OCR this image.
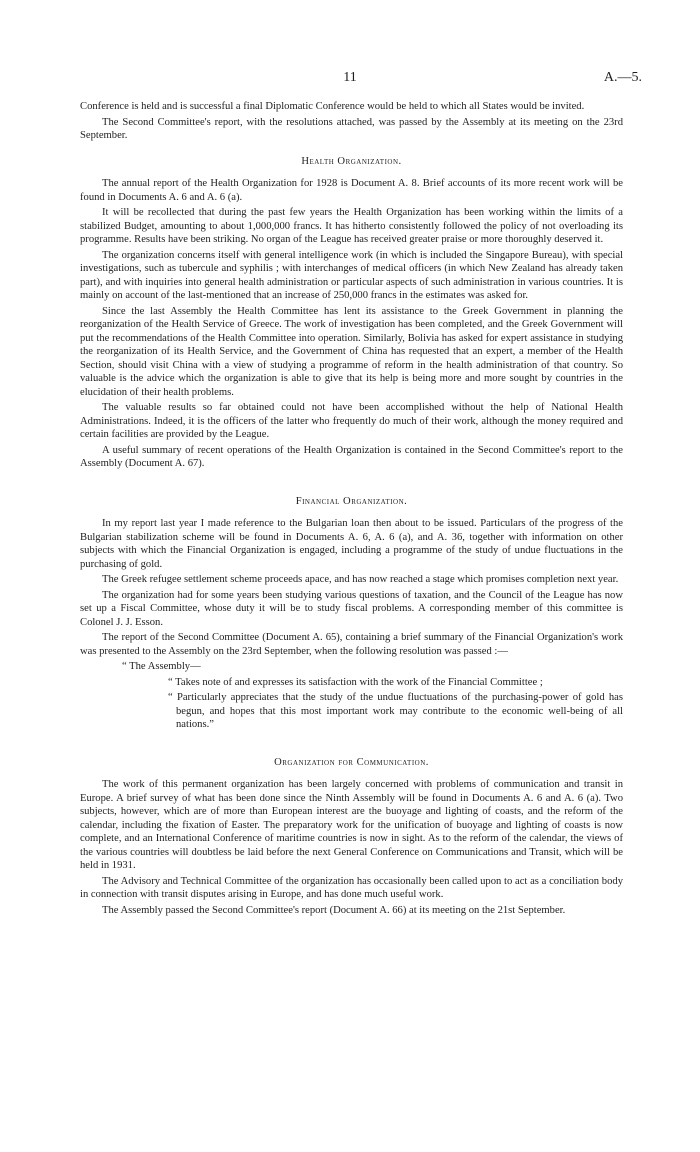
11	A.—5.

Conference is held and is successful a final Diplomatic Conference would be held to which all States would be invited.

The Second Committee's report, with the resolutions attached, was passed by the Assembly at its meeting on the 23rd September.

Health Organization.

The annual report of the Health Organization for 1928 is Document A. 8. Brief accounts of its more recent work will be found in Documents A. 6 and A. 6 (a).

It will be recollected that during the past few years the Health Organization has been working within the limits of a stabilized Budget, amounting to about 1,000,000 francs. It has hitherto consistently followed the policy of not overloading its programme. Results have been striking. No organ of the League has received greater praise or more thoroughly deserved it.

The organization concerns itself with general intelligence work (in which is included the Singapore Bureau), with special investigations, such as tubercule and syphilis ; with interchanges of medical officers (in which New Zealand has already taken part), and with inquiries into general health administration or particular aspects of such administration in various countries. It is mainly on account of the last-mentioned that an increase of 250,000 francs in the estimates was asked for.

Since the last Assembly the Health Committee has lent its assistance to the Greek Government in planning the reorganization of the Health Service of Greece. The work of investigation has been completed, and the Greek Government will put the recommendations of the Health Committee into operation. Similarly, Bolivia has asked for expert assistance in studying the reorganization of its Health Service, and the Government of China has requested that an expert, a member of the Health Section, should visit China with a view of studying a programme of reform in the health administration of that country. So valuable is the advice which the organization is able to give that its help is being more and more sought by countries in the elucidation of their health problems.

The valuable results so far obtained could not have been accomplished without the help of National Health Administrations. Indeed, it is the officers of the latter who frequently do much of their work, although the money required and certain facilities are provided by the League.

A useful summary of recent operations of the Health Organization is contained in the Second Committee's report to the Assembly (Document A. 67).

Financial Organization.

In my report last year I made reference to the Bulgarian loan then about to be issued. Particulars of the progress of the Bulgarian stabilization scheme will be found in Documents A. 6, A. 6 (a), and A. 36, together with information on other subjects with which the Financial Organization is engaged, including a programme of the study of undue fluctuations in the purchasing of gold.

The Greek refugee settlement scheme proceeds apace, and has now reached a stage which promises completion next year.

The organization had for some years been studying various questions of taxation, and the Council of the League has now set up a Fiscal Committee, whose duty it will be to study fiscal problems. A corresponding member of this committee is Colonel J. J. Esson.

The report of the Second Committee (Document A. 65), containing a brief summary of the Financial Organization's work was presented to the Assembly on the 23rd September, when the following resolution was passed :—

“ The Assembly—

“ Takes note of and expresses its satisfaction with the work of the Financial Committee ;

“ Particularly appreciates that the study of the undue fluctuations of the purchasing-power of gold has begun, and hopes that this most important work may contribute to the economic well-being of all nations.”

Organization for Communication.

The work of this permanent organization has been largely concerned with problems of communication and transit in Europe. A brief survey of what has been done since the Ninth Assembly will be found in Documents A. 6 and A. 6 (a). Two subjects, however, which are of more than European interest are the buoyage and lighting of coasts, and the reform of the calendar, including the fixation of Easter. The preparatory work for the unification of buoyage and lighting of coasts is now complete, and an International Conference of maritime countries is now in sight. As to the reform of the calendar, the views of the various countries will doubtless be laid before the next General Conference on Communications and Transit, which will be held in 1931.

The Advisory and Technical Committee of the organization has occasionally been called upon to act as a conciliation body in connection with transit disputes arising in Europe, and has done much useful work.

The Assembly passed the Second Committee's report (Document A. 66) at its meeting on the 21st September.
